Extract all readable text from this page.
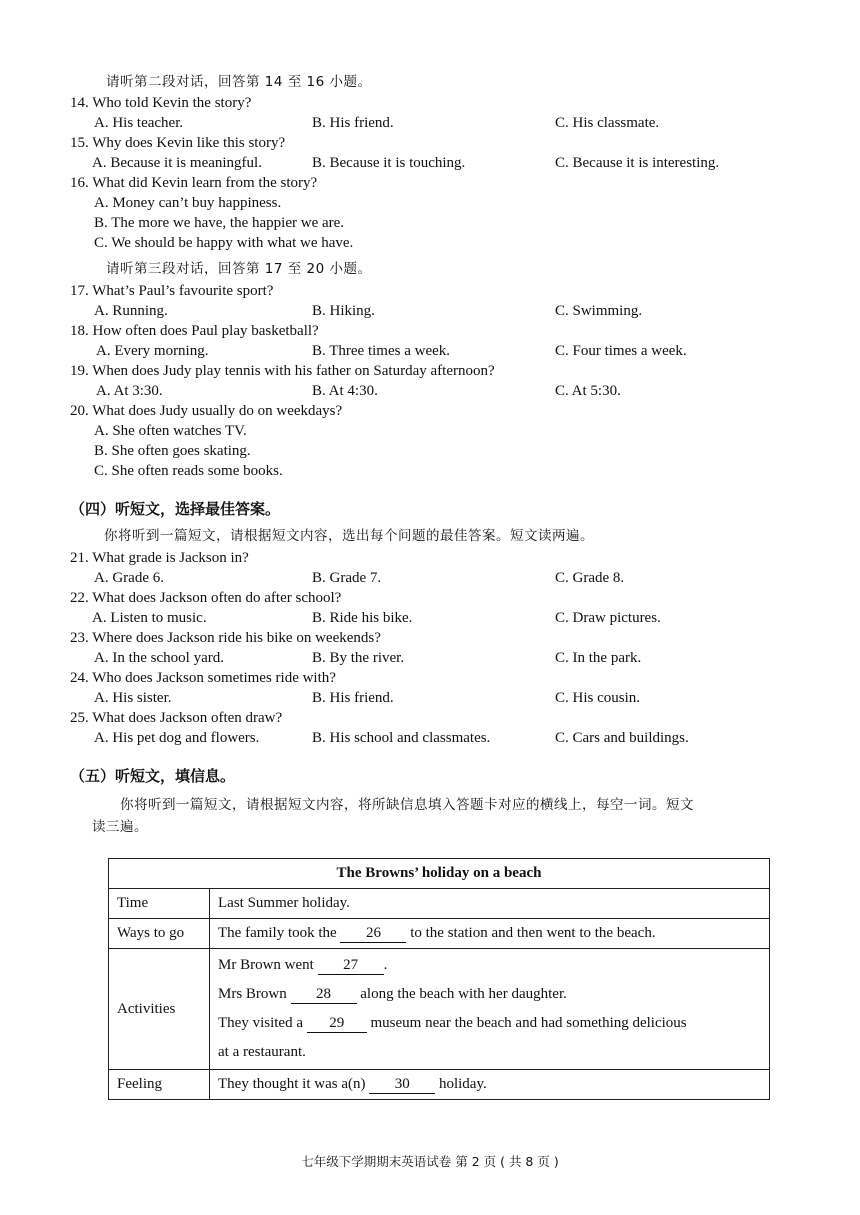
请听第二段对话，回答第 14 至 16 小题。
14. Who told Kevin the story?
A. His teacher.	B. His friend.	C. His classmate.
15. Why does Kevin like this story?
A. Because it is meaningful.	B. Because it is touching.	C. Because it is interesting.
16. What did Kevin learn from the story?
A. Money can’t buy happiness.
B. The more we have, the happier we are.
C. We should be happy with what we have.
请听第三段对话，回答第 17 至 20 小题。
17. What’s Paul’s favourite sport?
A. Running.	B. Hiking.	C. Swimming.
18. How often does Paul play basketball?
A. Every morning.	B. Three times a week.	C. Four times a week.
19. When does Judy play tennis with his father on Saturday afternoon?
A. At 3:30.	B. At 4:30.	C. At 5:30.
20. What does Judy usually do on weekdays?
A. She often watches TV.
B. She often goes skating.
C. She often reads some books.
（四）听短文，选择最佳答案。
你将听到一篇短文，请根据短文内容，选出每个问题的最佳答案。短文读两遍。
21. What grade is Jackson in?
A. Grade 6.	B. Grade 7.	C. Grade 8.
22. What does Jackson often do after school?
A. Listen to music.	B. Ride his bike.	C. Draw pictures.
23. Where does Jackson ride his bike on weekends?
A. In the school yard.	B. By the river.	C. In the park.
24. Who does Jackson sometimes ride with?
A. His sister.	B. His friend.	C. His cousin.
25. What does Jackson often draw?
A. His pet dog and flowers.	B. His school and classmates.	C. Cars and buildings.
（五）听短文，填信息。
你将听到一篇短文，请根据短文内容，将所缺信息填入答题卡对应的横线上，每空一词。短文
读三遍。
The Browns’ holiday on a beach	
Time	Last Summer holiday.
Ways to go	The family took the 26 to the station and then went to the beach.
Activities	Mr Brown went 27 .
Mrs Brown 28 along the beach with her daughter.
They visited a 29 museum near the beach and had something delicious
at a restaurant.

Feeling	They thought it was a(n) 30 holiday.
七年级下学期期末英语试卷 第 2 页 ( 共 8 页 )
